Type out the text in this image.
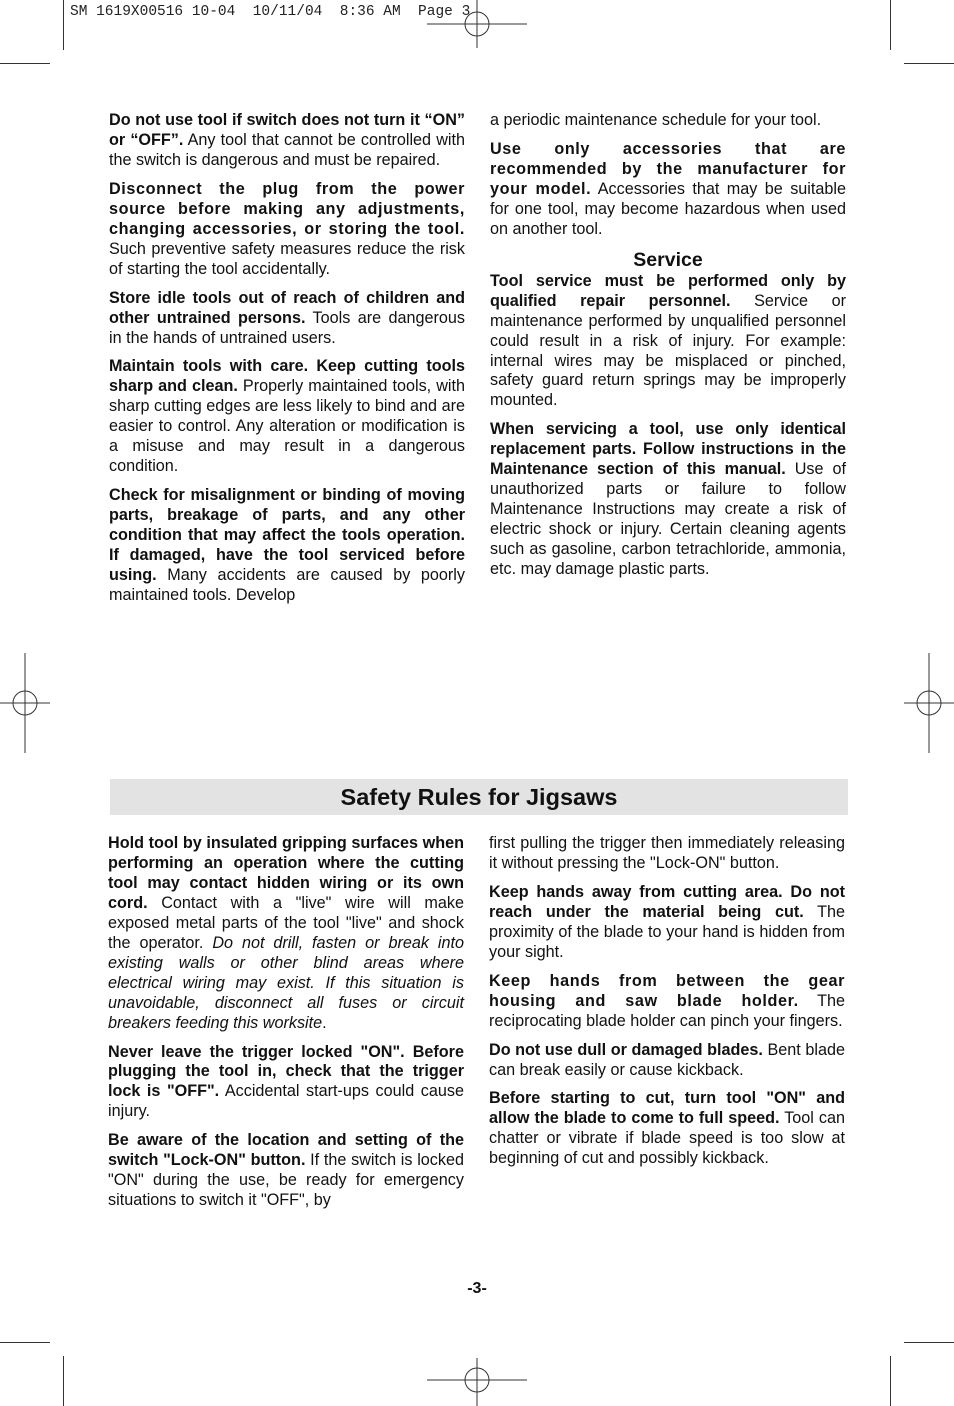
SM 1619X00516 10-04  10/11/04  8:36 AM  Page 3

Do not use tool if switch does not turn it “ON” or “OFF”. Any tool that cannot be controlled with the switch is dangerous and must be repaired.

Disconnect the plug from the power source before making any adjustments, changing accessories, or storing the tool. Such preventive safety measures reduce the risk of starting the tool accidentally.

Store idle tools out of reach of children and other untrained persons. Tools are dangerous in the hands of untrained users.

Maintain tools with care. Keep cutting tools sharp and clean. Properly maintained tools, with sharp cutting edges are less likely to bind and are easier to control. Any alteration or modification is a misuse and may result in a dangerous condition.

Check for misalignment or binding of moving parts, breakage of parts, and any other condition that may affect the tools operation. If damaged, have the tool serviced before using. Many accidents are caused by poorly maintained tools. Develop

a periodic maintenance schedule for your tool.

Use only accessories that are recommended by the manufacturer for your model. Accessories that may be suitable for one tool, may become hazardous when used on another tool.

Service

Tool service must be performed only by qualified repair personnel. Service or maintenance performed by unqualified personnel could result in a risk of injury. For example: internal wires may be misplaced or pinched, safety guard return springs may be improperly mounted.

When servicing a tool, use only identical replacement parts. Follow instructions in the Maintenance section of this manual. Use of unauthorized parts or failure to follow Maintenance Instructions may create a risk of electric shock or injury. Certain cleaning agents such as gasoline, carbon tetrachloride, ammonia, etc. may damage plastic parts.

Safety Rules for Jigsaws

Hold tool by insulated gripping surfaces when performing an operation where the cutting tool may contact hidden wiring or its own cord. Contact with a "live" wire will make exposed metal parts of the tool "live" and shock the operator. Do not drill, fasten or break into existing walls or other blind areas where electrical wiring may exist. If this situation is unavoidable, disconnect all fuses or circuit breakers feeding this worksite.

Never leave the trigger locked "ON". Before plugging the tool in, check that the trigger lock is "OFF". Accidental start-ups could cause injury.

Be aware of the location and setting of the switch "Lock-ON" button. If the switch is locked "ON" during the use, be ready for emergency situations to switch it "OFF", by

first pulling the trigger then immediately releasing it without pressing the "Lock-ON" button.

Keep hands away from cutting area. Do not reach under the material being cut. The proximity of the blade to your hand is hidden from your sight.

Keep hands from between the gear housing and saw blade holder. The reciprocating blade holder can pinch your fingers.

Do not use dull or damaged blades. Bent blade can break easily or cause kickback.

Before starting to cut, turn tool "ON" and allow the blade to come to full speed. Tool can chatter or vibrate if blade speed is too slow at beginning of cut and possibly kickback.

-3-
